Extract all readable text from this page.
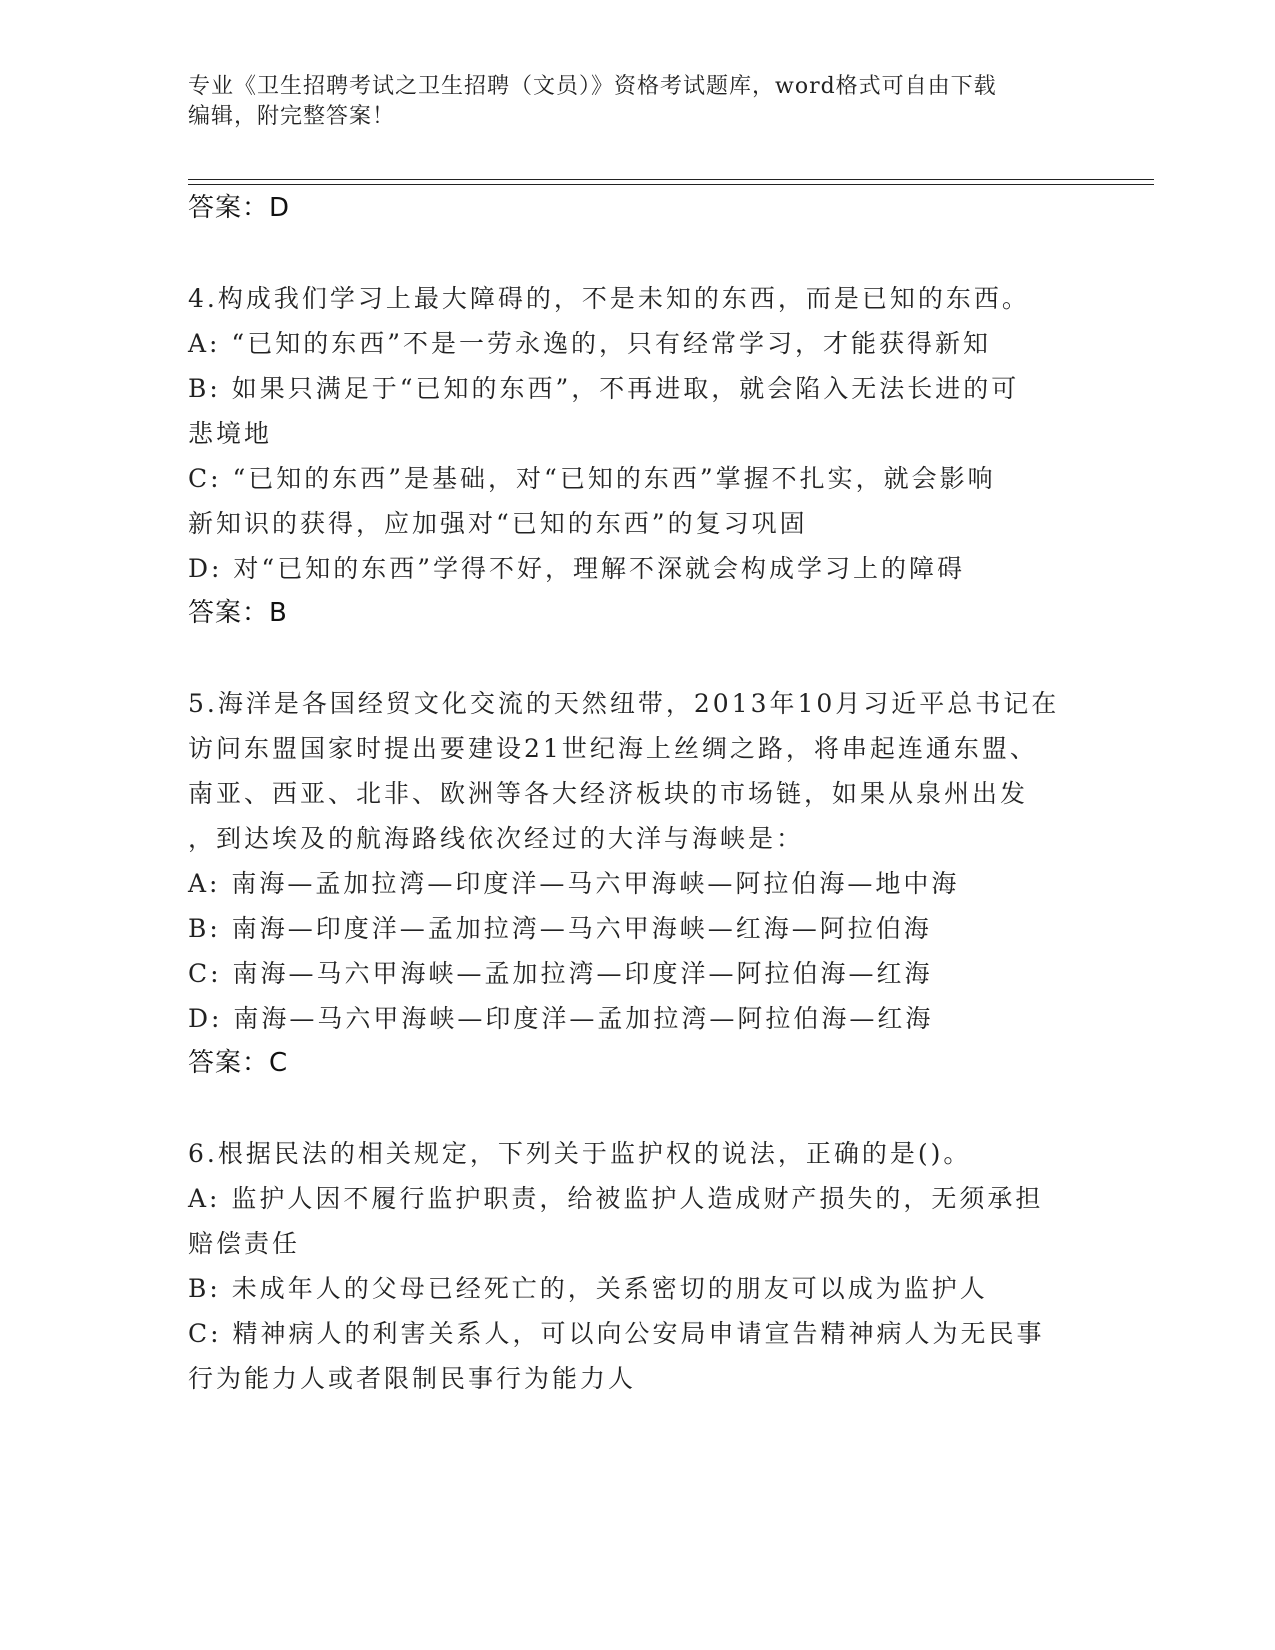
专业《卫生招聘考试之卫生招聘（文员）》资格考试题库，word格式可自由下载
编辑，附完整答案！
答案：D
4.构成我们学习上最大障碍的，不是未知的东西，而是已知的东西。
A: “已知的东西”不是一劳永逸的，只有经常学习，才能获得新知
B: 如果只满足于“已知的东西”，不再进取，就会陷入无法长进的可
悲境地
C: “已知的东西”是基础，对“已知的东西”掌握不扎实，就会影响
新知识的获得，应加强对“已知的东西”的复习巩固
D: 对“已知的东西”学得不好，理解不深就会构成学习上的障碍
答案：B
5.海洋是各国经贸文化交流的天然纽带，2013年10月习近平总书记在
访问东盟国家时提出要建设21世纪海上丝绸之路，将串起连通东盟、
南亚、西亚、北非、欧洲等各大经济板块的市场链，如果从泉州出发
，到达埃及的航海路线依次经过的大洋与海峡是：
A: 南海—孟加拉湾—印度洋—马六甲海峡—阿拉伯海—地中海
B: 南海—印度洋—孟加拉湾—马六甲海峡—红海—阿拉伯海
C: 南海—马六甲海峡—孟加拉湾—印度洋—阿拉伯海—红海
D: 南海—马六甲海峡—印度洋—孟加拉湾—阿拉伯海—红海
答案：C
6.根据民法的相关规定，下列关于监护权的说法，正确的是()。
A: 监护人因不履行监护职责，给被监护人造成财产损失的，无须承担
赔偿责任
B: 未成年人的父母已经死亡的，关系密切的朋友可以成为监护人
C: 精神病人的利害关系人，可以向公安局申请宣告精神病人为无民事
行为能力人或者限制民事行为能力人
